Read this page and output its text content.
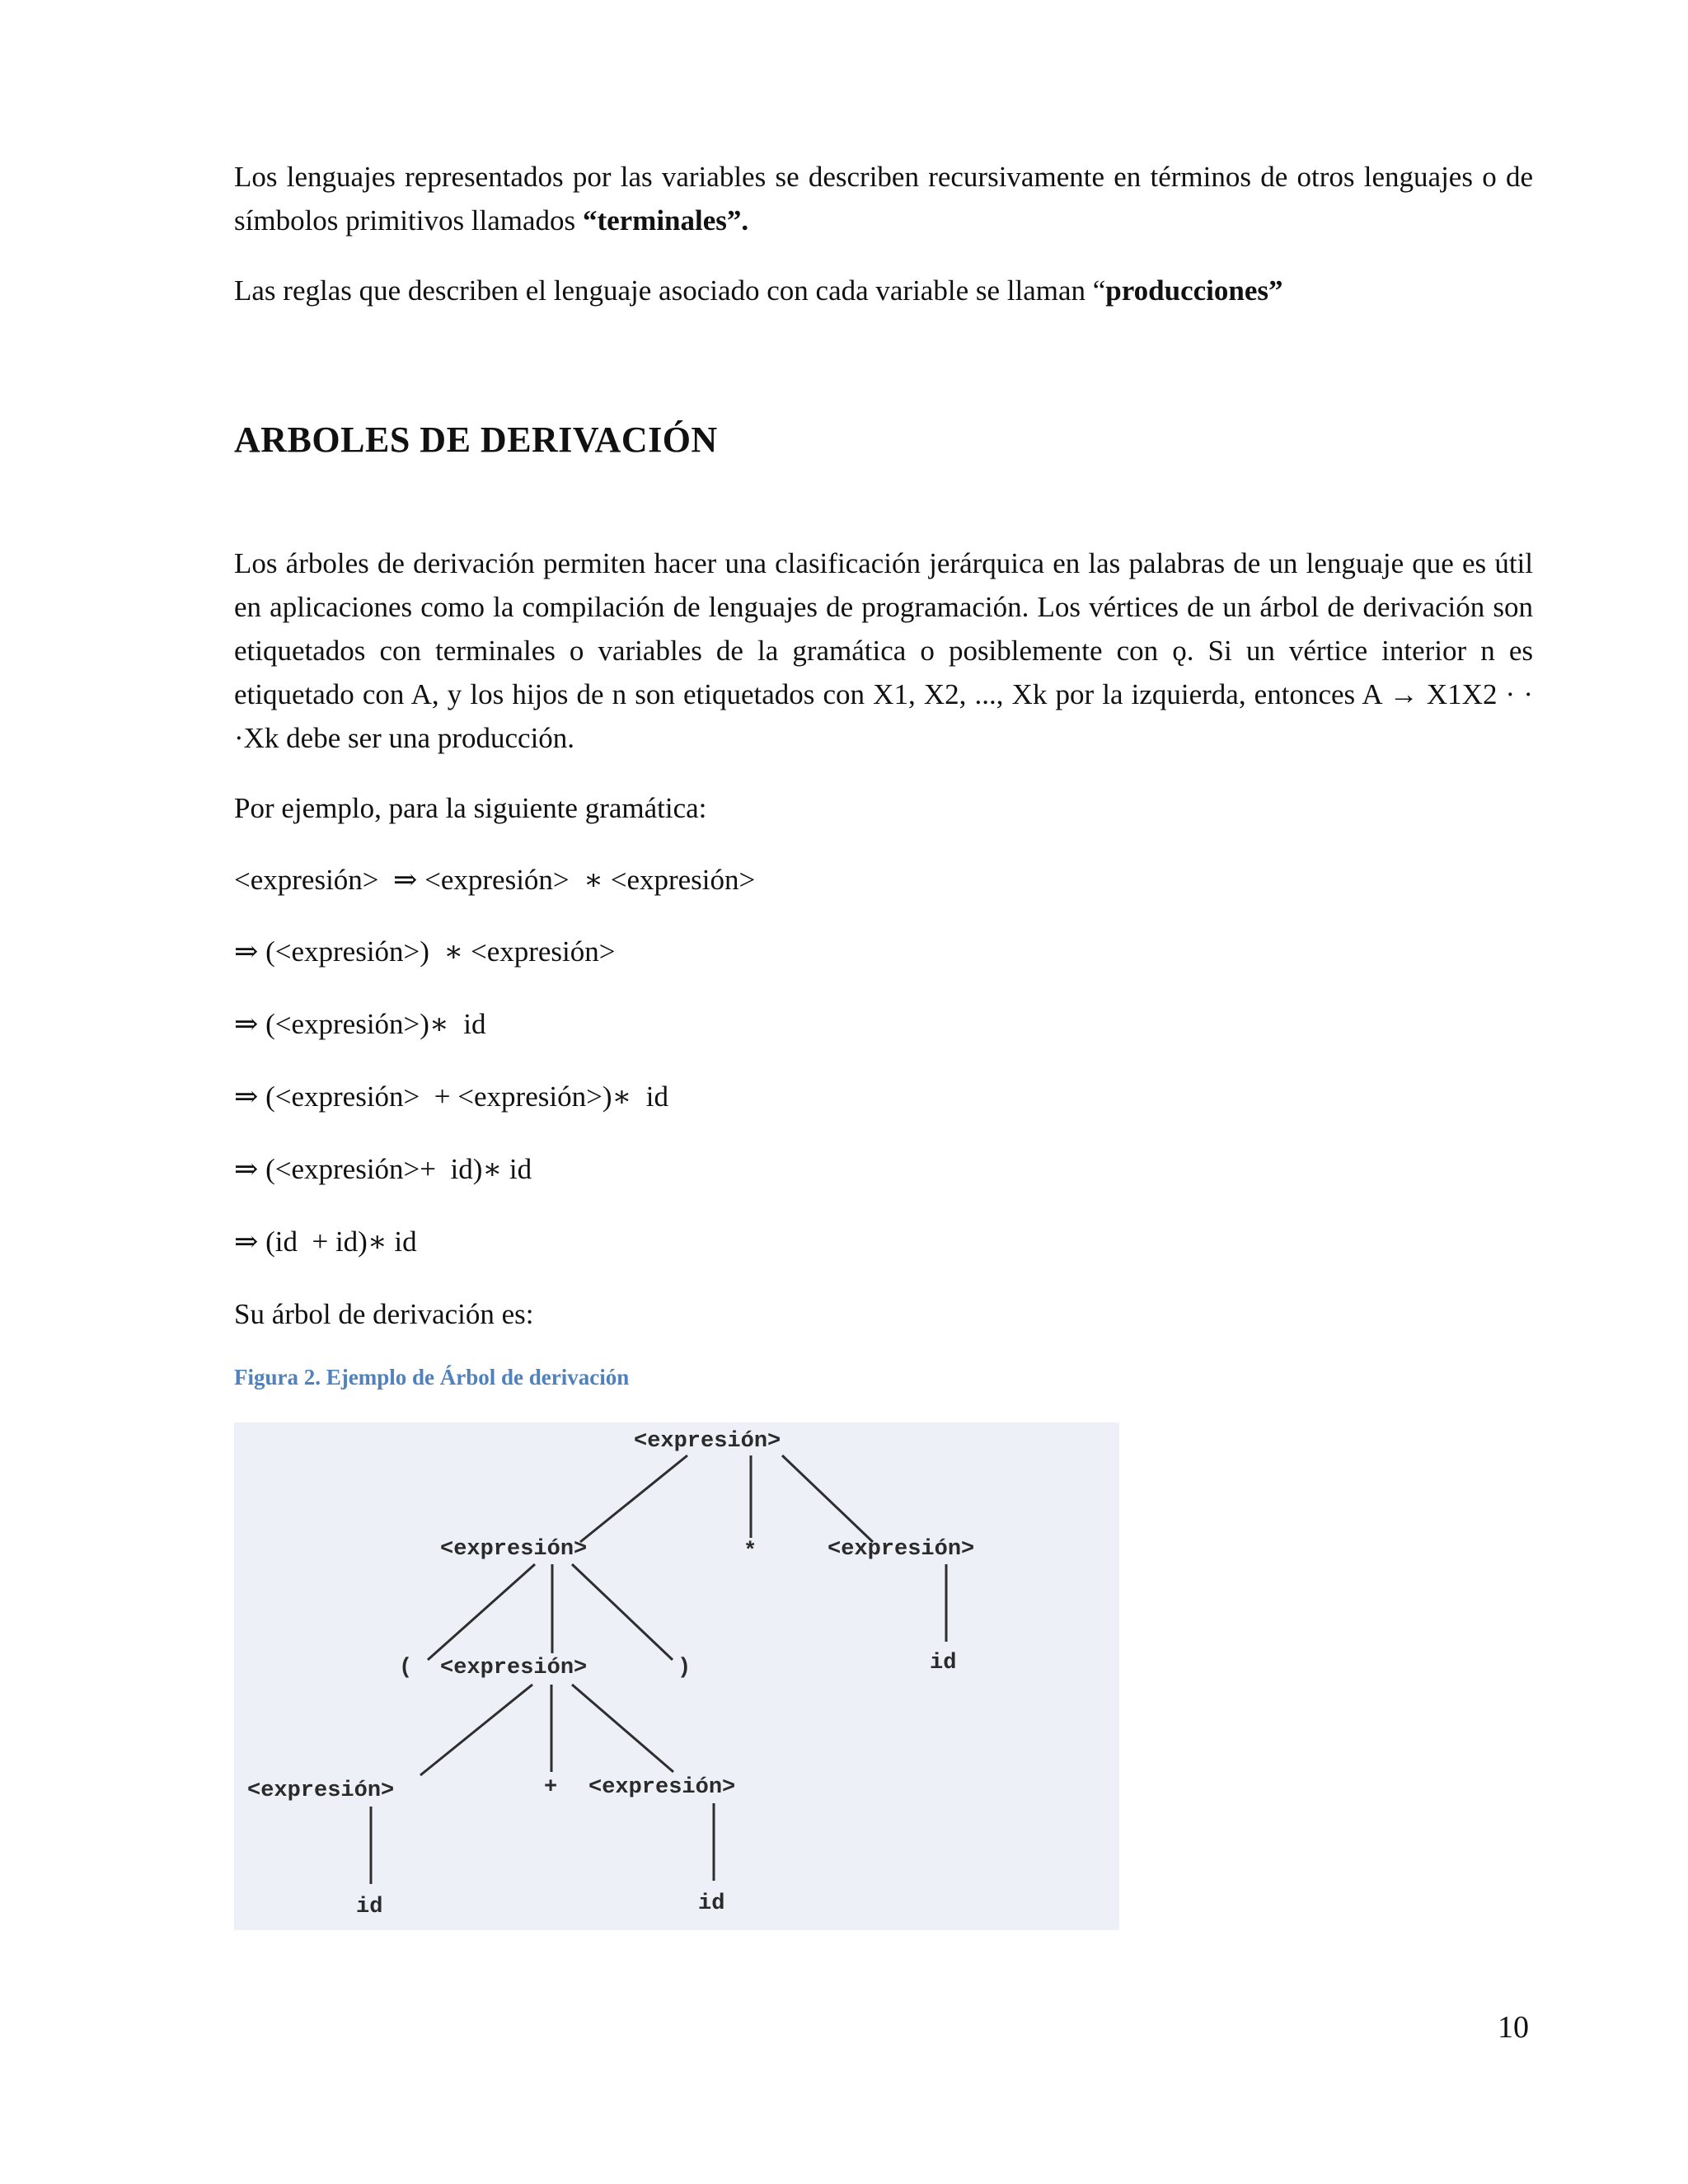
Los lenguajes representados por las variables se describen recursivamente en términos de otros lenguajes o de símbolos primitivos llamados “terminales”.

Las reglas que describen el lenguaje asociado con cada variable se llaman “producciones”

ARBOLES DE DERIVACIÓN

Los árboles de derivación permiten hacer una clasificación jerárquica en las palabras de un lenguaje que es útil en aplicaciones como la compilación de lenguajes de programación. Los vértices de un árbol de derivación son etiquetados con terminales o variables de la gramática o posiblemente con ǫ. Si un vértice interior n es etiquetado con A, y los hijos de n son etiquetados con X1, X2, ..., Xk por la izquierda, entonces A → X1X2 · · ·Xk debe ser una producción.

Por ejemplo, para la siguiente gramática:

<expresión>  ⇒ <expresión>  ∗ <expresión>

⇒ (<expresión>)  ∗ <expresión>

⇒ (<expresión>)∗  id

⇒ (<expresión>  + <expresión>)∗  id

⇒ (<expresión>+  id)∗ id

⇒ (id  + id)∗ id

Su árbol de derivación es:

Figura 2. Ejemplo de Árbol de derivación

<expresión>
<expresión>	*	<expresión>
id
( <expresión>	)
<expresión>	+ <expresión>
id	id

10
